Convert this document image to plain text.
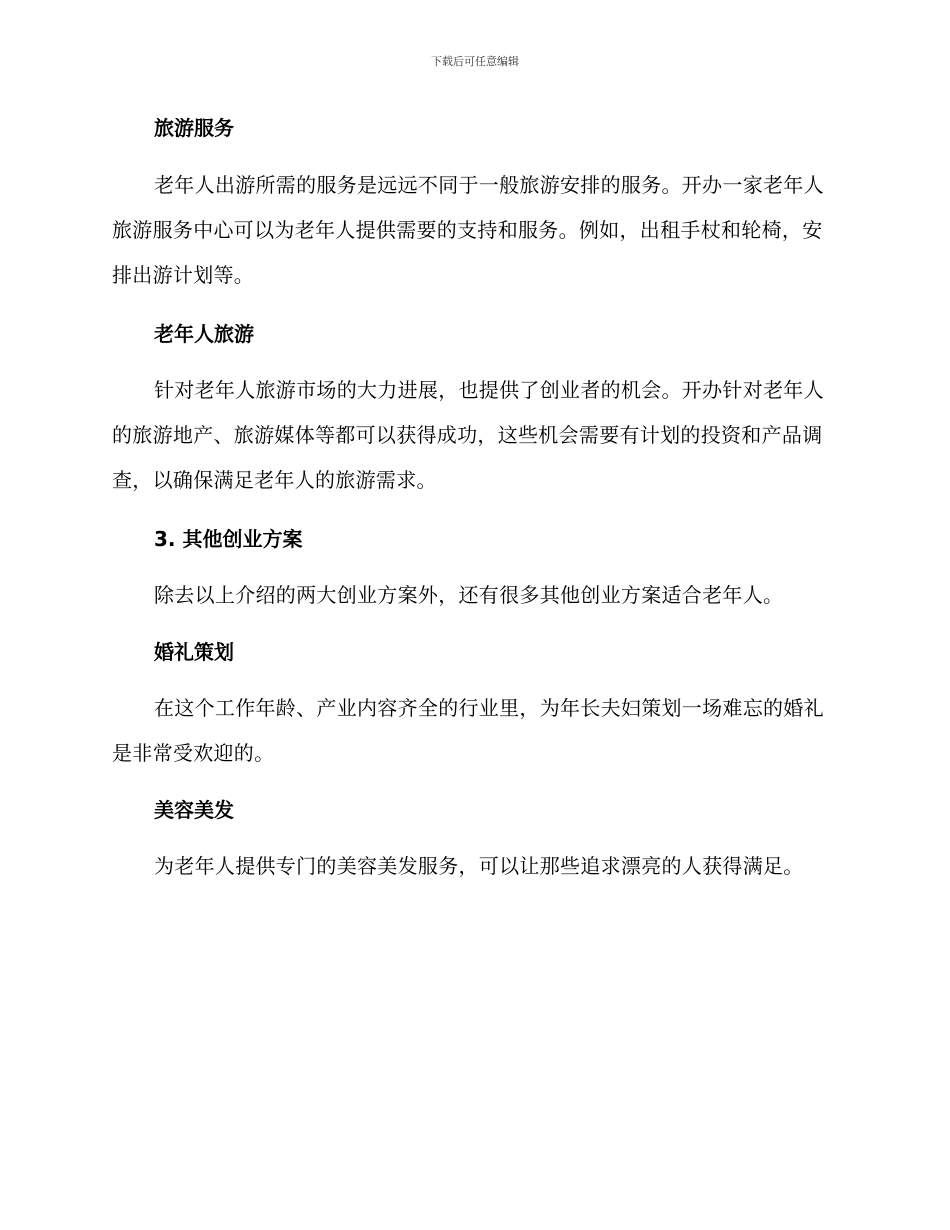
下载后可任意编辑
旅游服务

老年人出游所需的服务是远远不同于一般旅游安排的服务。开办一家老年人旅游服务中心可以为老年人提供需要的支持和服务。例如，出租手杖和轮椅，安排出游计划等。

老年人旅游

针对老年人旅游市场的大力进展，也提供了创业者的机会。开办针对老年人的旅游地产、旅游媒体等都可以获得成功，这些机会需要有计划的投资和产品调查，以确保满足老年人的旅游需求。

3. 其他创业方案

除去以上介绍的两大创业方案外，还有很多其他创业方案适合老年人。

婚礼策划

在这个工作年龄、产业内容齐全的行业里，为年长夫妇策划一场难忘的婚礼是非常受欢迎的。

美容美发

为老年人提供专门的美容美发服务，可以让那些追求漂亮的人获得满足。
